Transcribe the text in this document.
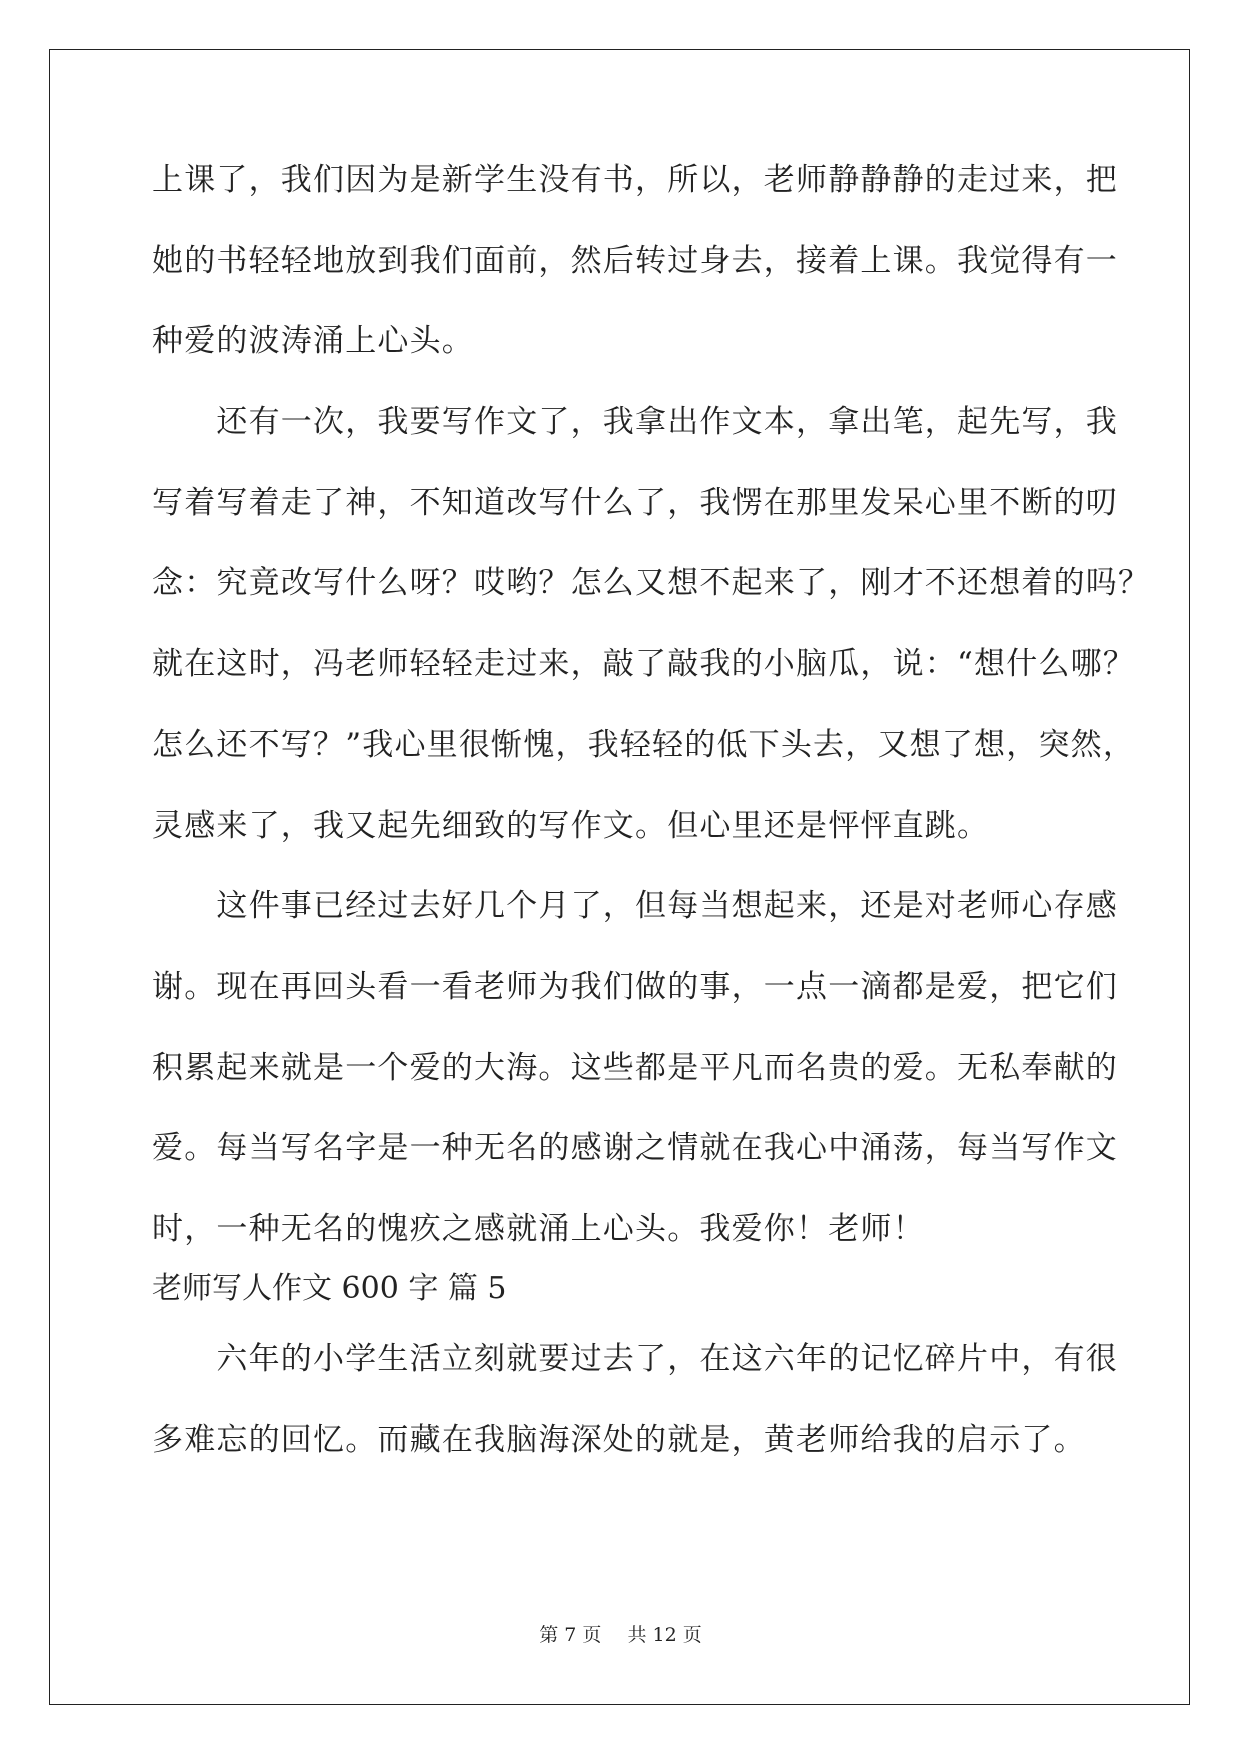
上课了，我们因为是新学生没有书，所以，老师静静静的走过来，把
她的书轻轻地放到我们面前，然后转过身去，接着上课。我觉得有一
种爱的波涛涌上心头。
　　还有一次，我要写作文了，我拿出作文本，拿出笔，起先写，我
写着写着走了神，不知道改写什么了，我愣在那里发呆心里不断的叨
念：究竟改写什么呀？哎哟？怎么又想不起来了，刚才不还想着的吗？
就在这时，冯老师轻轻走过来，敲了敲我的小脑瓜，说：“想什么哪？
怎么还不写？”我心里很惭愧，我轻轻的低下头去，又想了想，突然，
灵感来了，我又起先细致的写作文。但心里还是怦怦直跳。
　　这件事已经过去好几个月了，但每当想起来，还是对老师心存感
谢。现在再回头看一看老师为我们做的事，一点一滴都是爱，把它们
积累起来就是一个爱的大海。这些都是平凡而名贵的爱。无私奉献的
爱。每当写名字是一种无名的感谢之情就在我心中涌荡，每当写作文
时，一种无名的愧疚之感就涌上心头。我爱你！老师！
老师写人作文 600 字 篇 5
　　六年的小学生活立刻就要过去了，在这六年的记忆碎片中，有很
多难忘的回忆。而藏在我脑海深处的就是，黄老师给我的启示了。
第 7 页 共 12 页
